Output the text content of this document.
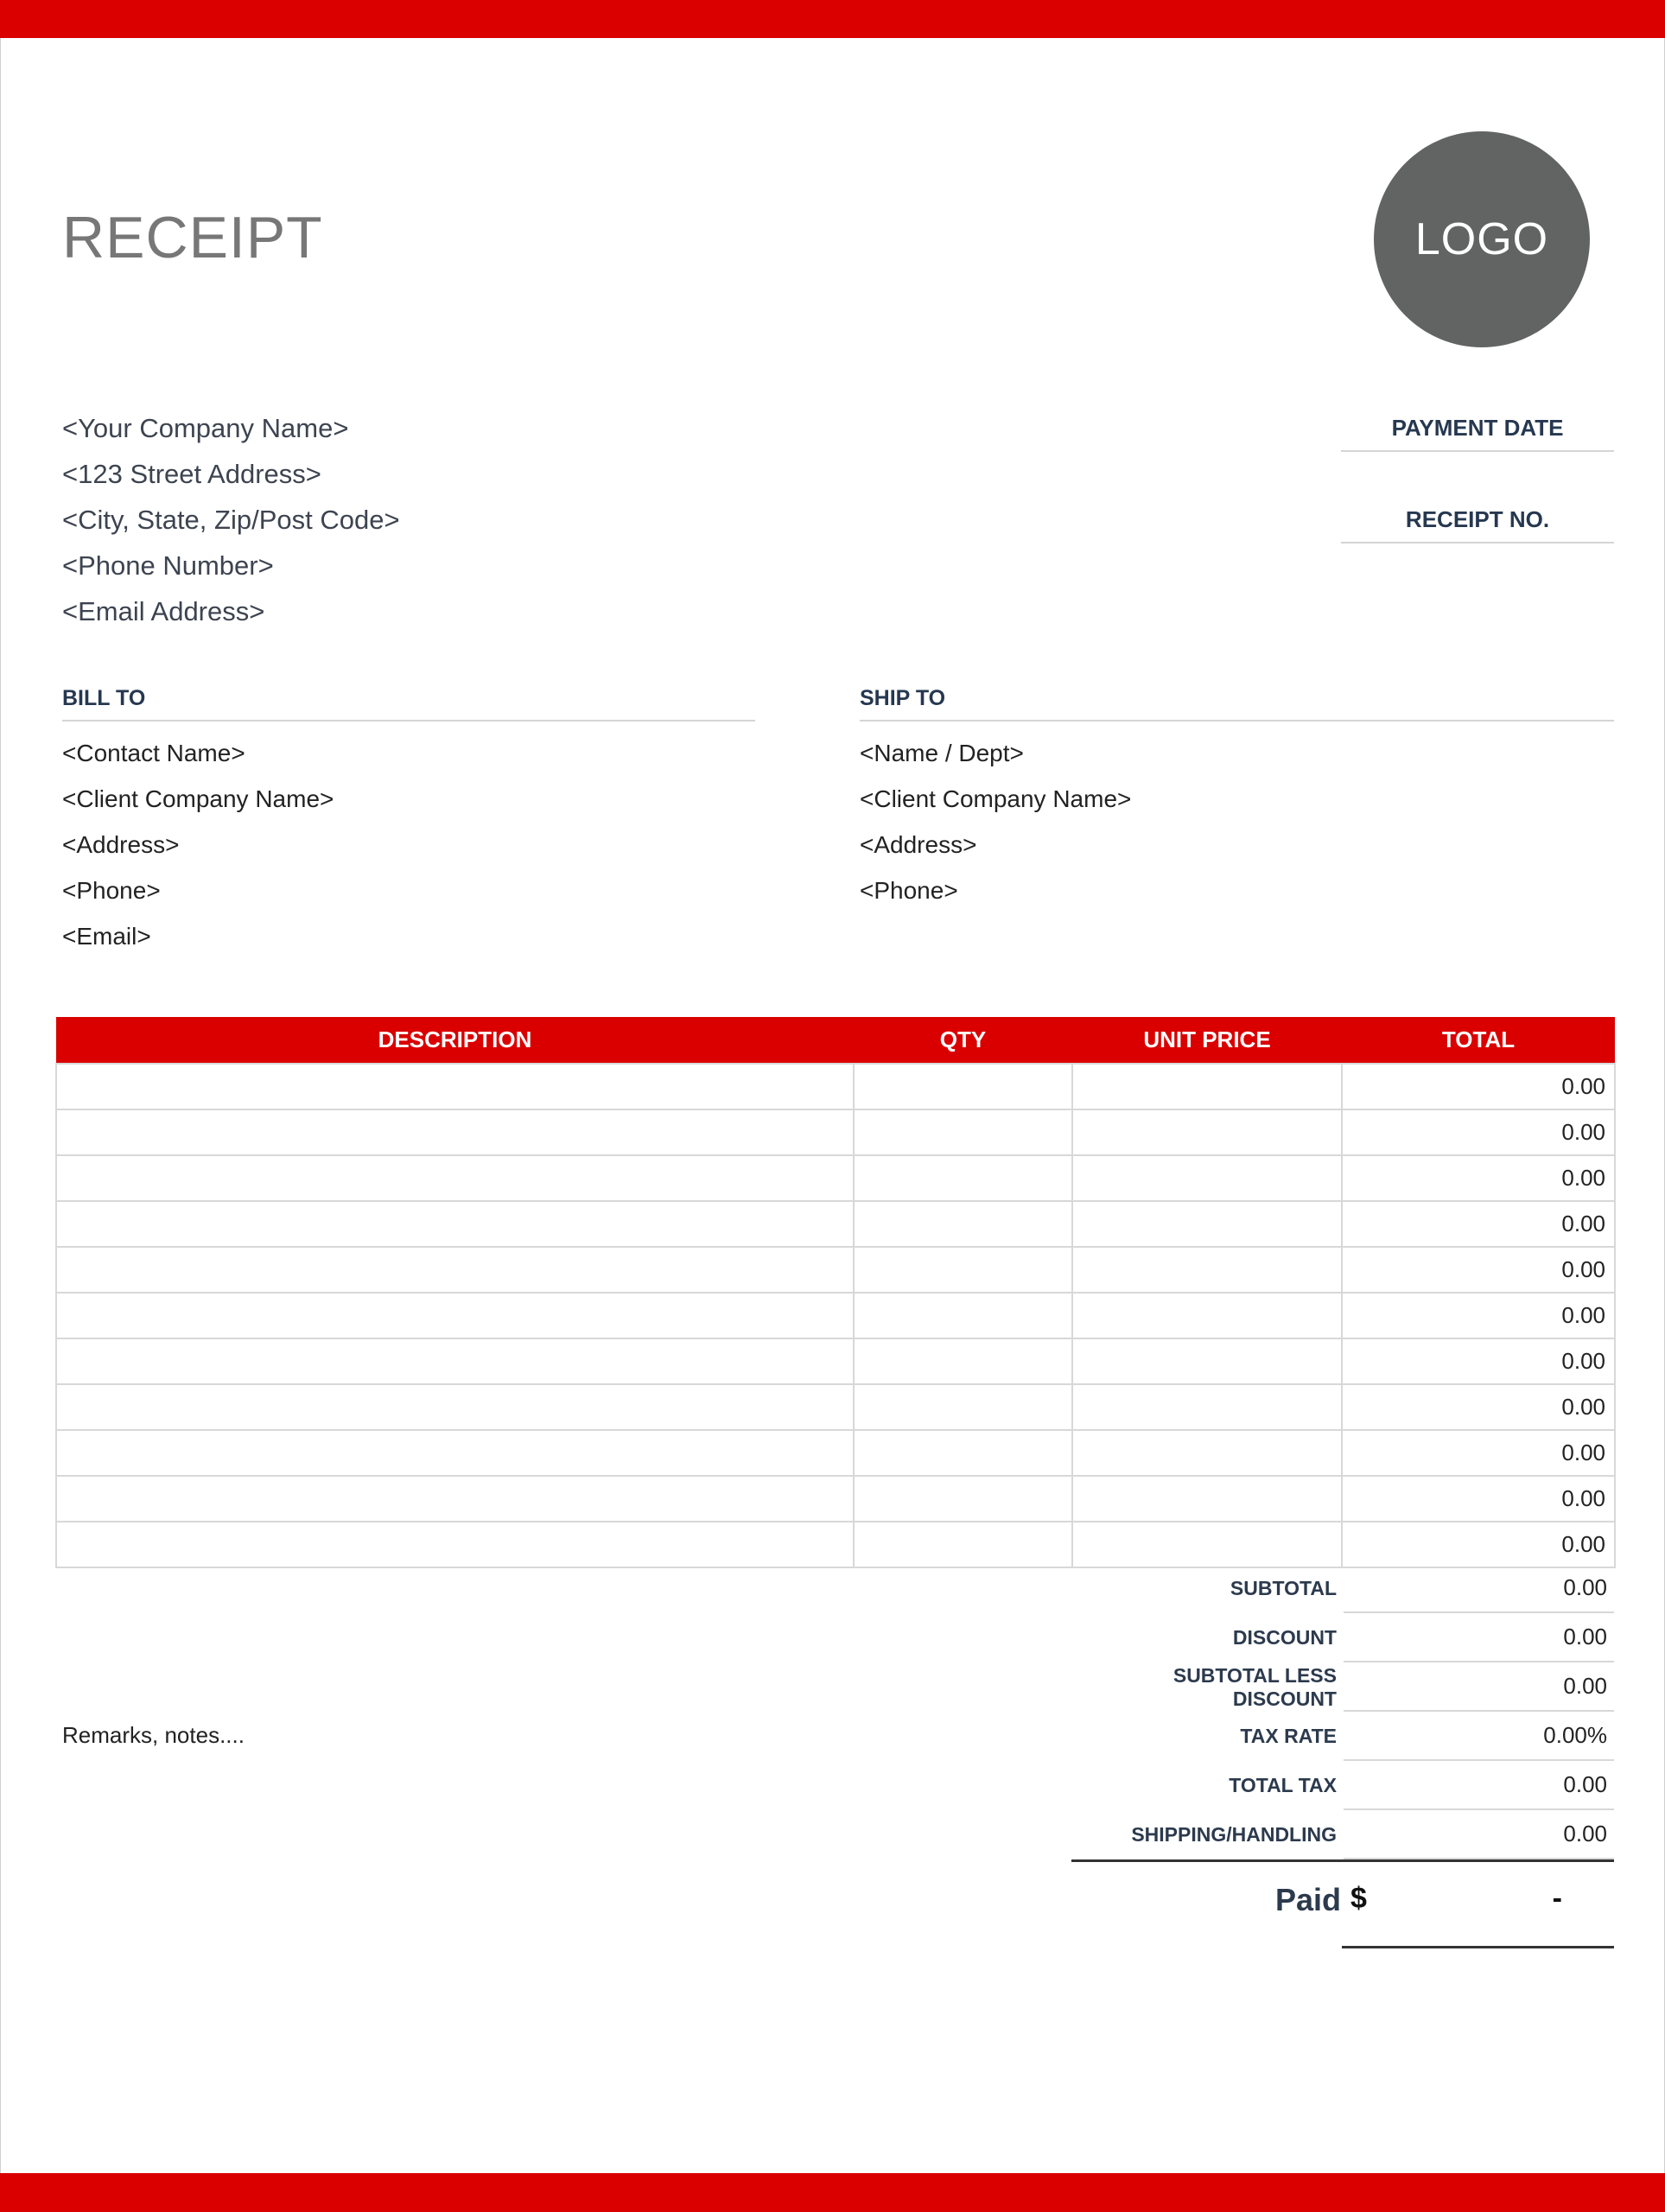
RECEIPT	LOGO
<Your Company Name>
<123 Street Address>
<City, State, Zip/Post Code>
<Phone Number>
<Email Address>
PAYMENT DATE
RECEIPT NO.
BILL TO
<Contact Name>
<Client Company Name>
<Address>
<Phone>
<Email>
SHIP TO
<Name / Dept>
<Client Company Name>
<Address>
<Phone>
DESCRIPTION	QTY	UNIT PRICE	TOTAL
			0.00
			0.00
			0.00
			0.00
			0.00
			0.00
			0.00
			0.00
			0.00
			0.00
			0.00
SUBTOTAL	0.00
DISCOUNT	0.00
SUBTOTAL LESS DISCOUNT	0.00
TAX RATE	0.00%
TOTAL TAX	0.00
SHIPPING/HANDLING	0.00
Paid $	-
Remarks, notes....
